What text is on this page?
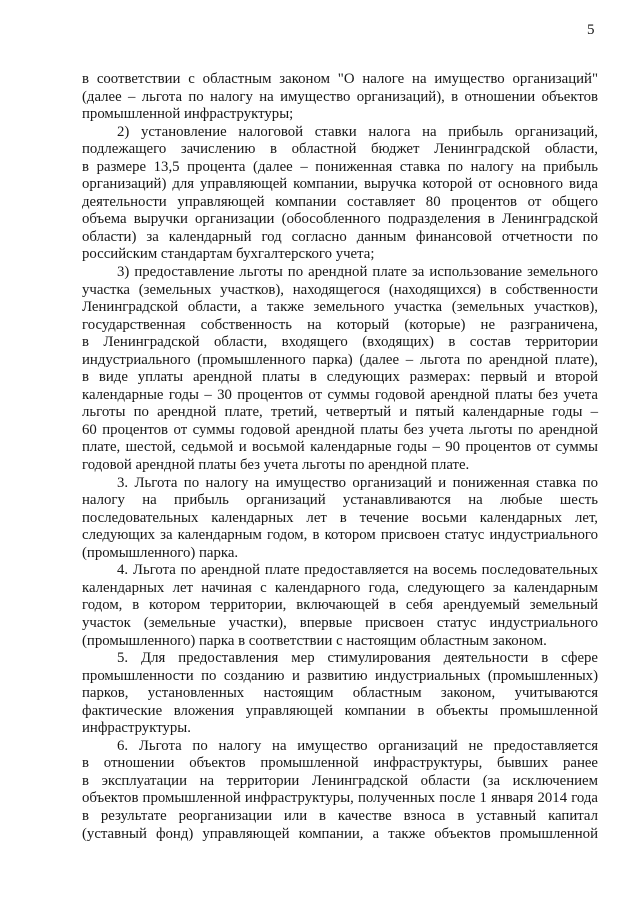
5
в соответствии с областным законом "О налоге на имущество организаций"
(далее – льгота по налогу на имущество организаций), в отношении объектов
промышленной инфраструктуры;
2) установление налоговой ставки налога на прибыль организаций,
подлежащего зачислению в областной бюджет Ленинградской области,
в размере 13,5 процента (далее – пониженная ставка по налогу на прибыль
организаций) для управляющей компании, выручка которой от основного вида
деятельности управляющей компании составляет 80 процентов от общего
объема выручки организации (обособленного подразделения в Ленинградской
области) за календарный год согласно данным финансовой отчетности по
российским стандартам бухгалтерского учета;
3) предоставление льготы по арендной плате за использование земельного
участка (земельных участков), находящегося (находящихся) в собственности
Ленинградской области, а также земельного участка (земельных участков),
государственная собственность на который (которые) не разграничена,
в Ленинградской области, входящего (входящих) в состав территории
индустриального (промышленного парка) (далее – льгота по арендной плате),
в виде уплаты арендной платы в следующих размерах: первый и второй
календарные годы – 30 процентов от суммы годовой арендной платы без учета
льготы по арендной плате, третий, четвертый и пятый календарные годы –
60 процентов от суммы годовой арендной платы без учета льготы по арендной
плате, шестой, седьмой и восьмой календарные годы – 90 процентов от суммы
годовой арендной платы без учета льготы по арендной плате.
3. Льгота по налогу на имущество организаций и пониженная ставка по
налогу на прибыль организаций устанавливаются на любые шесть
последовательных календарных лет в течение восьми календарных лет,
следующих за календарным годом, в котором присвоен статус индустриального
(промышленного) парка.
4. Льгота по арендной плате предоставляется на восемь последовательных
календарных лет начиная с календарного года, следующего за календарным
годом, в котором территории, включающей в себя арендуемый земельный
участок (земельные участки), впервые присвоен статус индустриального
(промышленного) парка в соответствии с настоящим областным законом.
5. Для предоставления мер стимулирования деятельности в сфере
промышленности по созданию и развитию индустриальных (промышленных)
парков, установленных настоящим областным законом, учитываются
фактические вложения управляющей компании в объекты промышленной
инфраструктуры.
6. Льгота по налогу на имущество организаций не предоставляется
в отношении объектов промышленной инфраструктуры, бывших ранее
в эксплуатации на территории Ленинградской области (за исключением
объектов промышленной инфраструктуры, полученных после 1 января 2014 года
в результате реорганизации или в качестве взноса в уставный капитал
(уставный фонд) управляющей компании, а также объектов промышленной
